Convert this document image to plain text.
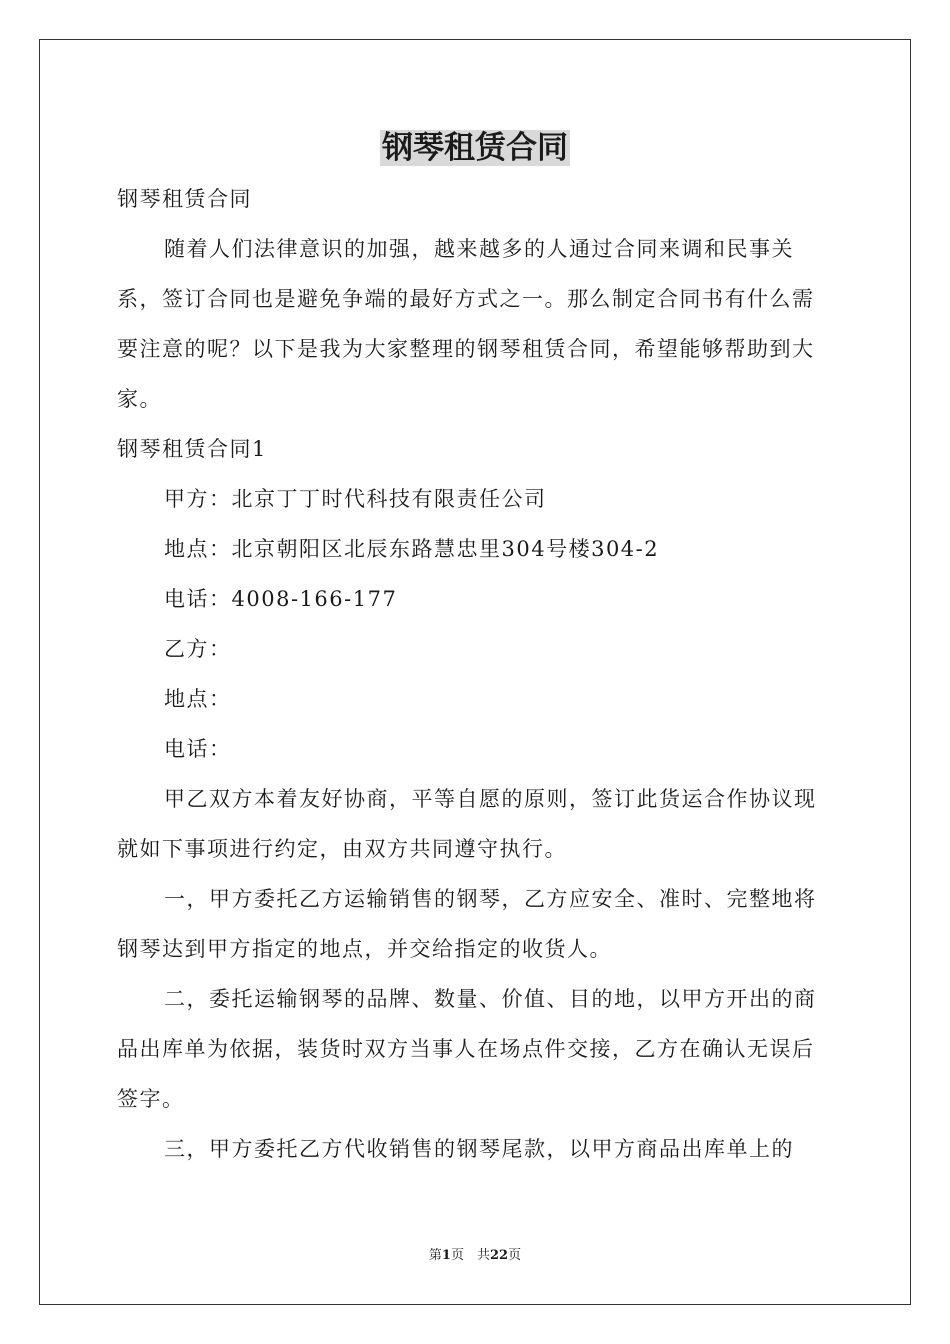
钢琴租赁合同

钢琴租赁合同

随着人们法律意识的加强，越来越多的人通过合同来调和民事关系，签订合同也是避免争端的最好方式之一。那么制定合同书有什么需要注意的呢？以下是我为大家整理的钢琴租赁合同，希望能够帮助到大家。

钢琴租赁合同1

甲方：北京丁丁时代科技有限责任公司

地点：北京朝阳区北辰东路慧忠里304号楼304-2

电话：4008-166-177

乙方：

地点：

电话：

甲乙双方本着友好协商，平等自愿的原则，签订此货运合作协议现就如下事项进行约定，由双方共同遵守执行。

一，甲方委托乙方运输销售的钢琴，乙方应安全、准时、完整地将钢琴达到甲方指定的地点，并交给指定的收货人。

二，委托运输钢琴的品牌、数量、价值、目的地，以甲方开出的商品出库单为依据，装货时双方当事人在场点件交接，乙方在确认无误后签字。

三，甲方委托乙方代收销售的钢琴尾款，以甲方商品出库单上的

第1页　共22页
